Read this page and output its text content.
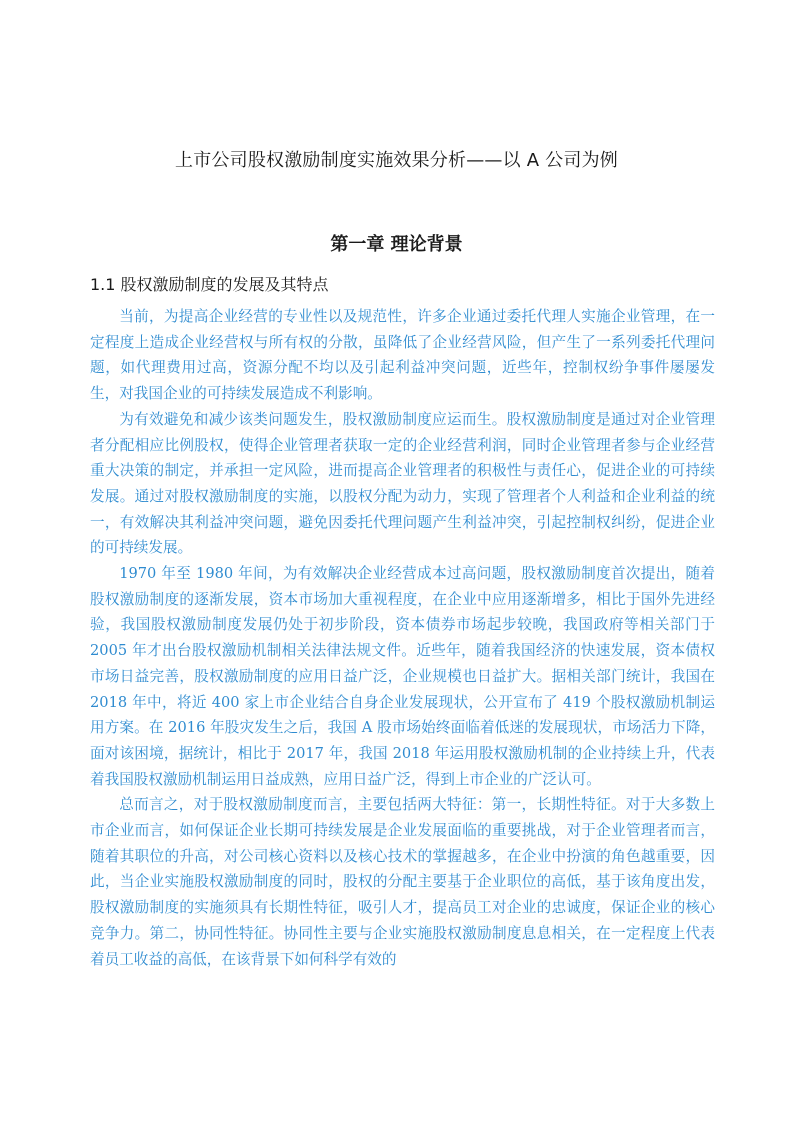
上市公司股权激励制度实施效果分析——以 A 公司为例
第一章 理论背景
1.1 股权激励制度的发展及其特点

当前，为提高企业经营的专业性以及规范性，许多企业通过委托代理人实施企业管理，在一定程度上造成企业经营权与所有权的分散，虽降低了企业经营风险，但产生了一系列委托代理问题，如代理费用过高，资源分配不均以及引起利益冲突问题，近些年，控制权纷争事件屡屡发生，对我国企业的可持续发展造成不利影响。

为有效避免和减少该类问题发生，股权激励制度应运而生。股权激励制度是通过对企业管理者分配相应比例股权，使得企业管理者获取一定的企业经营利润，同时企业管理者参与企业经营重大决策的制定，并承担一定风险，进而提高企业管理者的积极性与责任心，促进企业的可持续发展。通过对股权激励制度的实施，以股权分配为动力，实现了管理者个人利益和企业利益的统一，有效解决其利益冲突问题，避免因委托代理问题产生利益冲突，引起控制权纠纷，促进企业的可持续发展。

1970 年至 1980 年间，为有效解决企业经营成本过高问题，股权激励制度首次提出，随着股权激励制度的逐渐发展，资本市场加大重视程度，在企业中应用逐渐增多，相比于国外先进经验，我国股权激励制度发展仍处于初步阶段，资本债券市场起步较晚，我国政府等相关部门于 2005 年才出台股权激励机制相关法律法规文件。近些年，随着我国经济的快速发展，资本债权市场日益完善，股权激励制度的应用日益广泛，企业规模也日益扩大。据相关部门统计，我国在 2018 年中，将近 400 家上市企业结合自身企业发展现状，公开宣布了 419 个股权激励机制运用方案。在 2016 年股灾发生之后，我国 A 股市场始终面临着低迷的发展现状，市场活力下降，面对该困境，据统计，相比于 2017 年，我国 2018 年运用股权激励机制的企业持续上升，代表着我国股权激励机制运用日益成熟，应用日益广泛，得到上市企业的广泛认可。

总而言之，对于股权激励制度而言，主要包括两大特征：第一，长期性特征。对于大多数上市企业而言，如何保证企业长期可持续发展是企业发展面临的重要挑战，对于企业管理者而言，随着其职位的升高，对公司核心资料以及核心技术的掌握越多，在企业中扮演的角色越重要，因此，当企业实施股权激励制度的同时，股权的分配主要基于企业职位的高低，基于该角度出发，股权激励制度的实施须具有长期性特征，吸引人才，提高员工对企业的忠诚度，保证企业的核心竞争力。第二，协同性特征。协同性主要与企业实施股权激励制度息息相关，在一定程度上代表着员工收益的高低，在该背景下如何科学有效的
